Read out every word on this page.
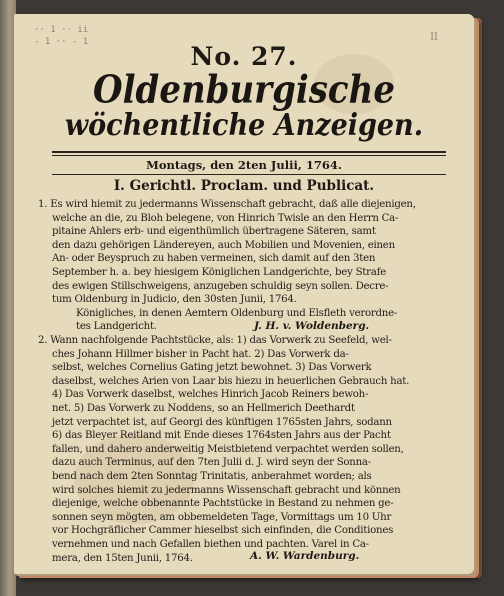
·· 1 ·· ii
- 1 ·· - 1	II
No. 27.
Oldenburgische
wöchentliche Anzeigen.
Montags, den 2ten Julii, 1764.
I. Gerichtl. Proclam. und Publicat.
1. Es wird hiemit zu jedermanns Wissenschaft gebracht, daß alle diejenigen,
welche an die, zu Bloh belegene, von Hinrich Twisle an den Herrn Ca-
pitaine Ahlers erb- und eigenthümlich übertragene Säteren, samt
den dazu gehörigen Ländereyen, auch Mobilien und Movenien, einen
An- oder Beyspruch zu haben vermeinen, sich damit auf den 3ten
September h. a. bey hiesigem Königlichen Landgerichte, bey Strafe
des ewigen Stillschweigens, anzugeben schuldig seyn sollen. Decre-
tum Oldenburg in Judicio, den 30sten Junii, 1764.
Königliches, in denen Aemtern Oldenburg und Elsfleth verordne-
tes Landgericht.	J. H. v. Woldenberg.
2. Wann nachfolgende Pachtstücke, als: 1) das Vorwerk zu Seefeld, wel-
ches Johann Hillmer bisher in Pacht hat. 2) Das Vorwerk da-
selbst, welches Cornelius Gating jetzt bewohnet. 3) Das Vorwerk
daselbst, welches Arien von Laar bis hiezu in heuerlichen Gebrauch hat.
4) Das Vorwerk daselbst, welches Hinrich Jacob Reiners bewoh-
net. 5) Das Vorwerk zu Noddens, so an Hellmerich Deethardt
jetzt verpachtet ist, auf Georgi des künftigen 1765sten Jahrs, sodann
6) das Bleyer Reitland mit Ende dieses 1764sten Jahrs aus der Pacht
fallen, und dahero anderweitig Meistbietend verpachtet werden sollen,
dazu auch Terminus, auf den 7ten Julii d. J. wird seyn der Sonna-
bend nach dem 2ten Sonntag Trinitatis, anberahmet worden; als
wird solches hiemit zu jedermanns Wissenschaft gebracht und können
diejenige, welche obbenannte Pachtstücke in Bestand zu nehmen ge-
sonnen seyn mögten, am obbemeldeten Tage, Vormittags um 10 Uhr
vor Hochgräflicher Cammer hieselbst sich einfinden, die Conditiones
vernehmen und nach Gefallen biethen und pachten. Varel in Ca-
mera, den 15ten Junii, 1764.	A. W. Wardenburg.
